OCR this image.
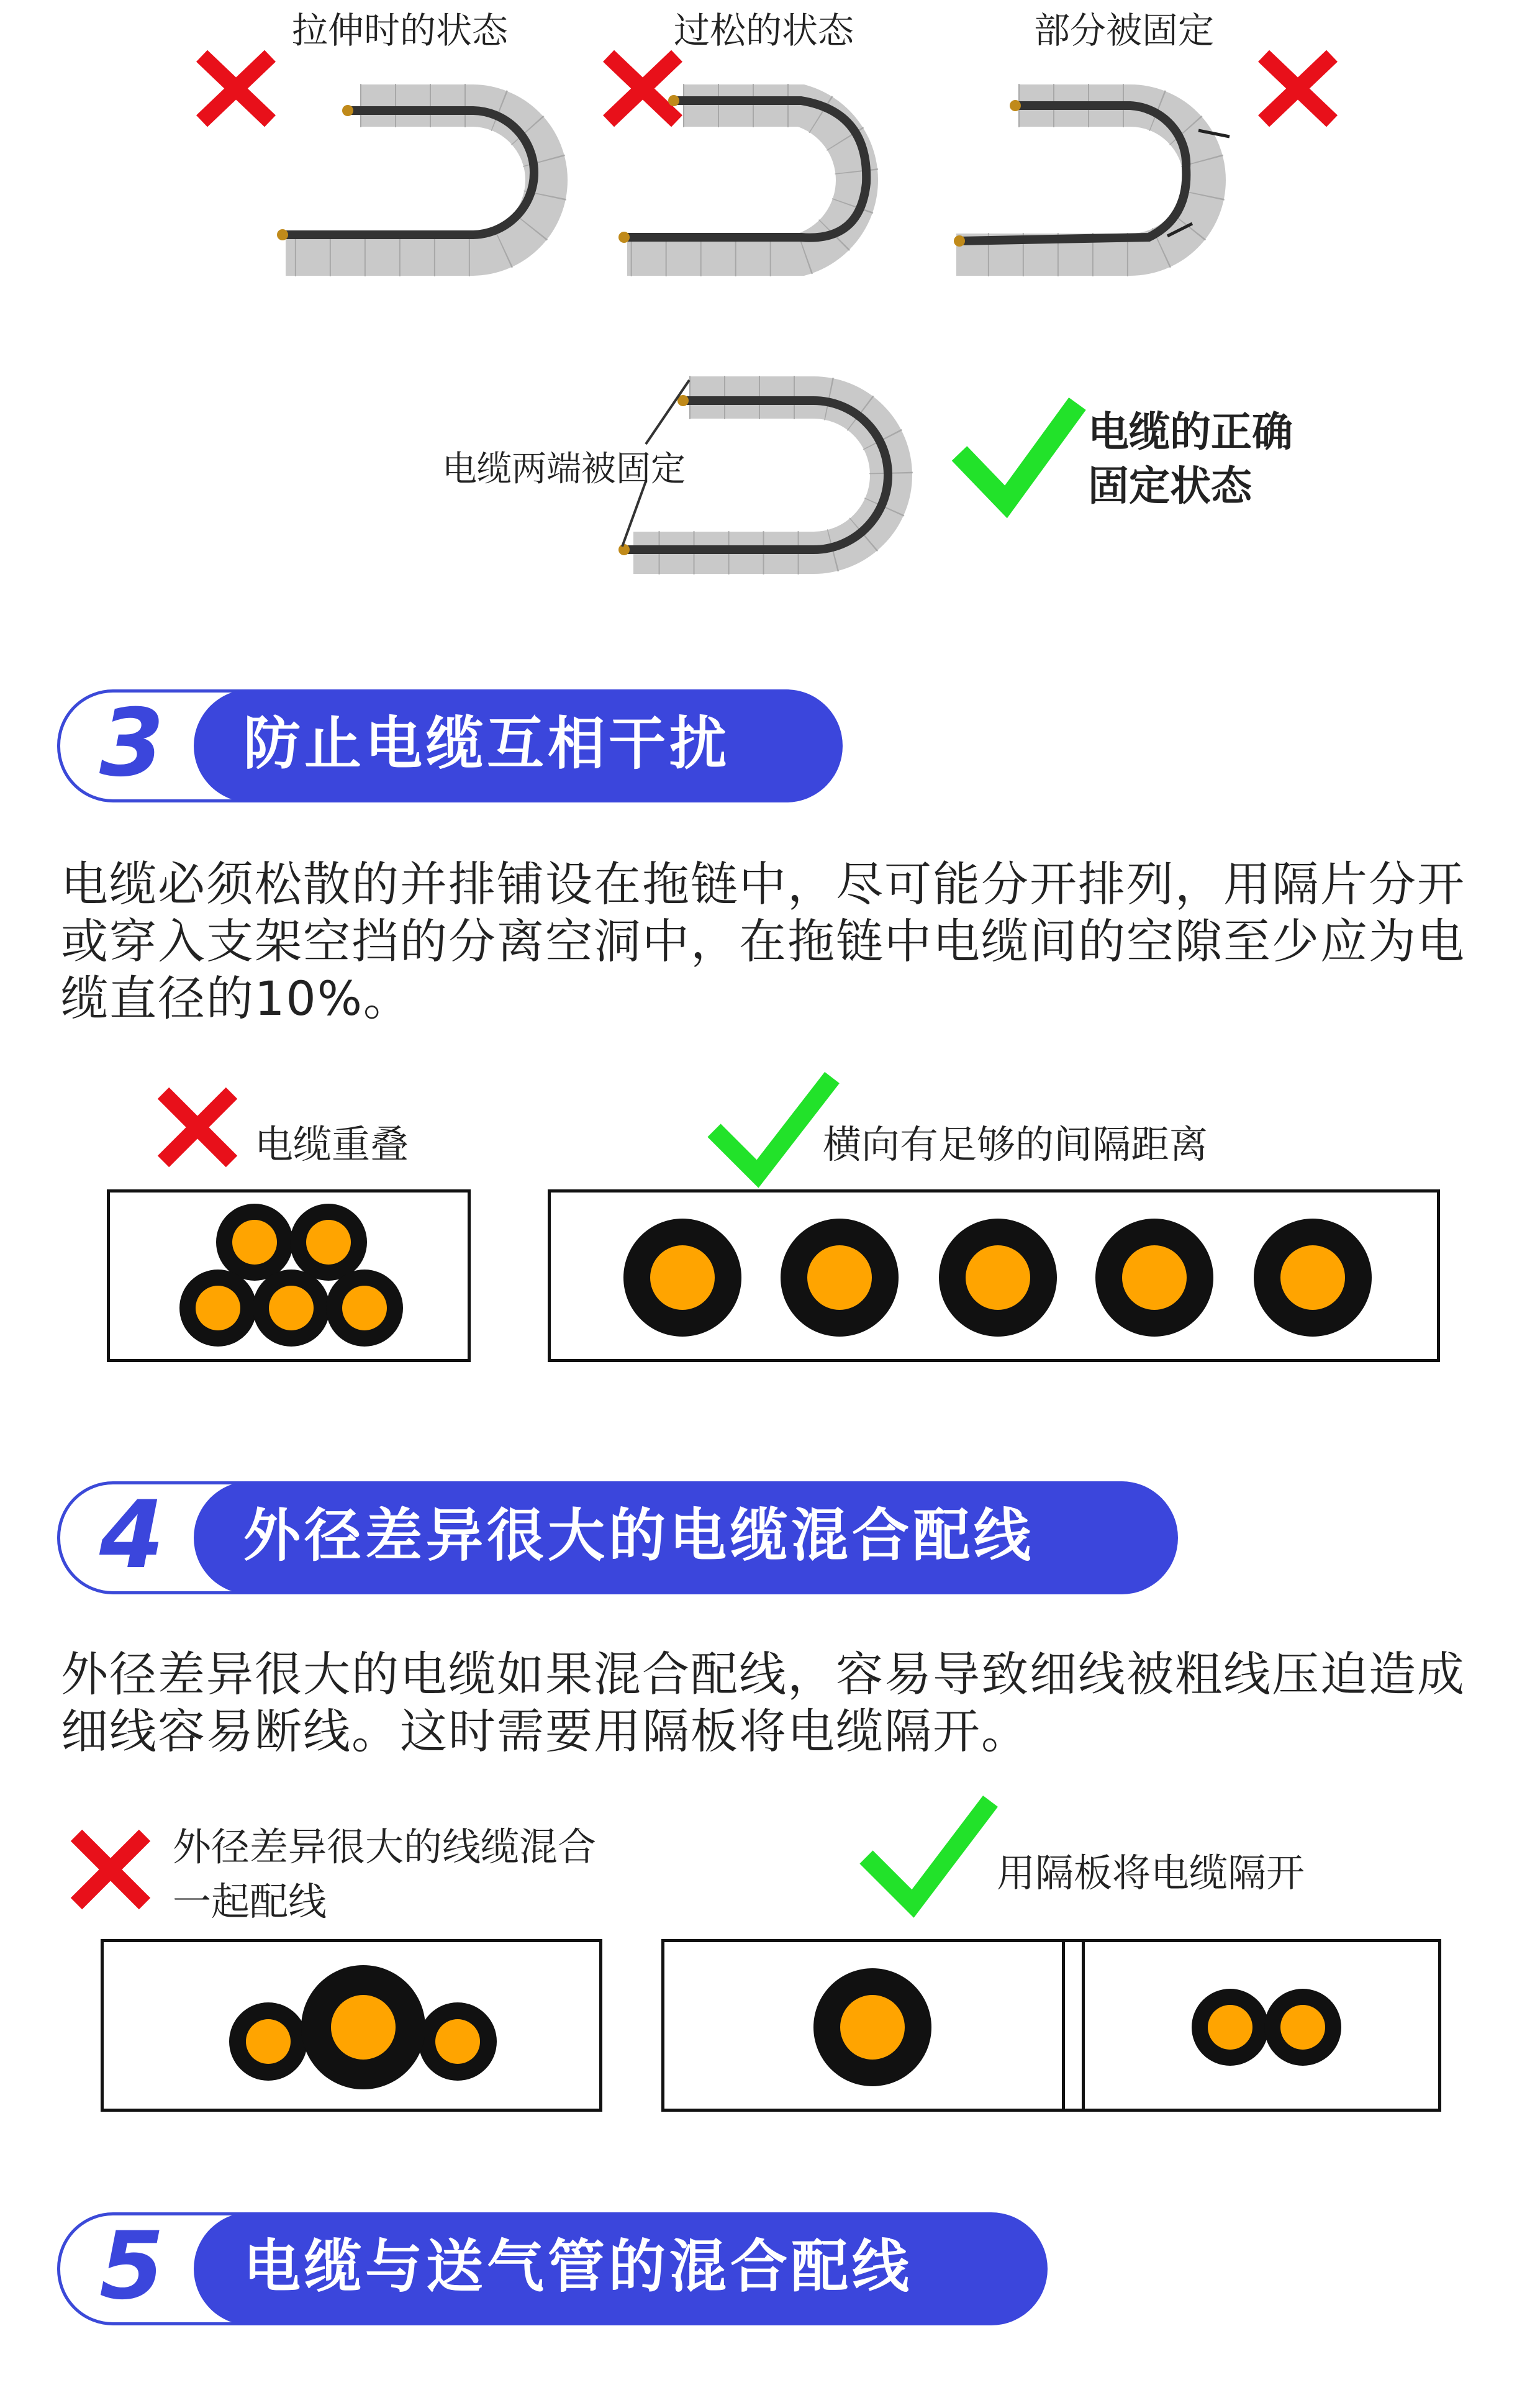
拉伸时的状态	过松的状态	部分被固定
电缆两端被固定
电缆的正确固定状态
3 防止电缆互相干扰
电缆必须松散的并排铺设在拖链中，尽可能分开排列，用隔片分开或穿入支架空挡的分离空洞中，在拖链中电缆间的空隙至少应为电缆直径的10%。
电缆重叠	横向有足够的间隔距离
4 外径差异很大的电缆混合配线
外径差异很大的电缆如果混合配线，容易导致细线被粗线压迫造成细线容易断线。这时需要用隔板将电缆隔开。
外径差异很大的线缆混合一起配线
用隔板将电缆隔开
5 电缆与送气管的混合配线
